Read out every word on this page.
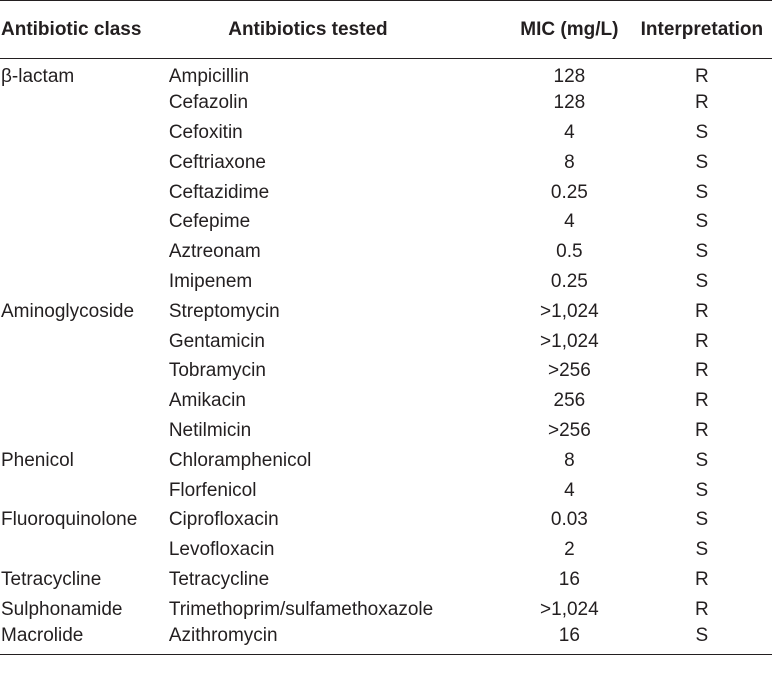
Antibiotic class	Antibiotics tested	MIC (mg/L)	Interpretation
β-lactam	Ampicillin	128	R
	Cefazolin	128	R
	Cefoxitin	4	S
	Ceftriaxone	8	S
	Ceftazidime	0.25	S
	Cefepime	4	S
	Aztreonam	0.5	S
	Imipenem	0.25	S
Aminoglycoside	Streptomycin	>1,024	R
	Gentamicin	>1,024	R
	Tobramycin	>256	R
	Amikacin	256	R
	Netilmicin	>256	R
Phenicol	Chloramphenicol	8	S
	Florfenicol	4	S
Fluoroquinolone	Ciprofloxacin	0.03	S
	Levofloxacin	2	S
Tetracycline	Tetracycline	16	R
Sulphonamide	Trimethoprim/sulfamethoxazole	>1,024	R
Macrolide	Azithromycin	16	S
